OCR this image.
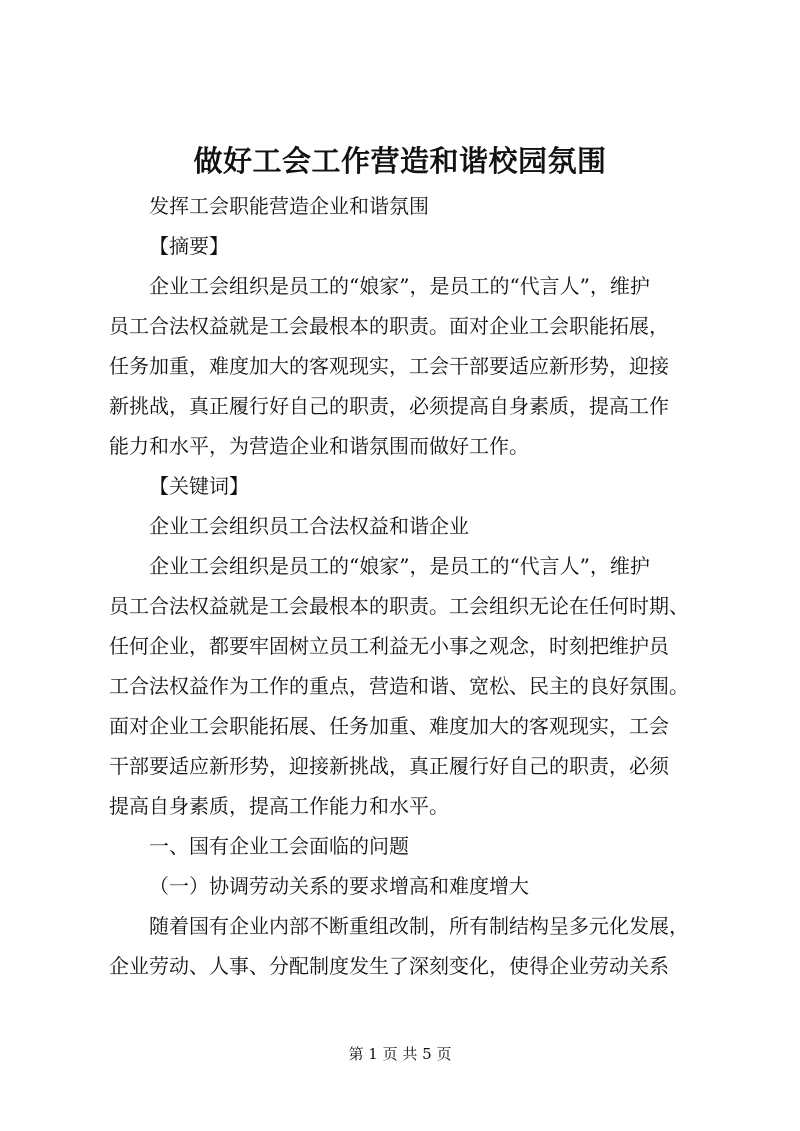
做好工会工作营造和谐校园氛围
发挥工会职能营造企业和谐氛围
【摘要】
企业工会组织是员工的“娘家”，是员工的“代言人”，维护
员工合法权益就是工会最根本的职责。面对企业工会职能拓展，
任务加重，难度加大的客观现实，工会干部要适应新形势，迎接
新挑战，真正履行好自己的职责，必须提高自身素质，提高工作
能力和水平，为营造企业和谐氛围而做好工作。
【关键词】
企业工会组织员工合法权益和谐企业
企业工会组织是员工的“娘家”，是员工的“代言人”，维护
员工合法权益就是工会最根本的职责。工会组织无论在任何时期、
任何企业，都要牢固树立员工利益无小事之观念，时刻把维护员
工合法权益作为工作的重点，营造和谐、宽松、民主的良好氛围。
面对企业工会职能拓展、任务加重、难度加大的客观现实，工会
干部要适应新形势，迎接新挑战，真正履行好自己的职责，必须
提高自身素质，提高工作能力和水平。
一、国有企业工会面临的问题
（一）协调劳动关系的要求增高和难度增大
随着国有企业内部不断重组改制，所有制结构呈多元化发展，
企业劳动、人事、分配制度发生了深刻变化，使得企业劳动关系
第 1 页 共 5 页
